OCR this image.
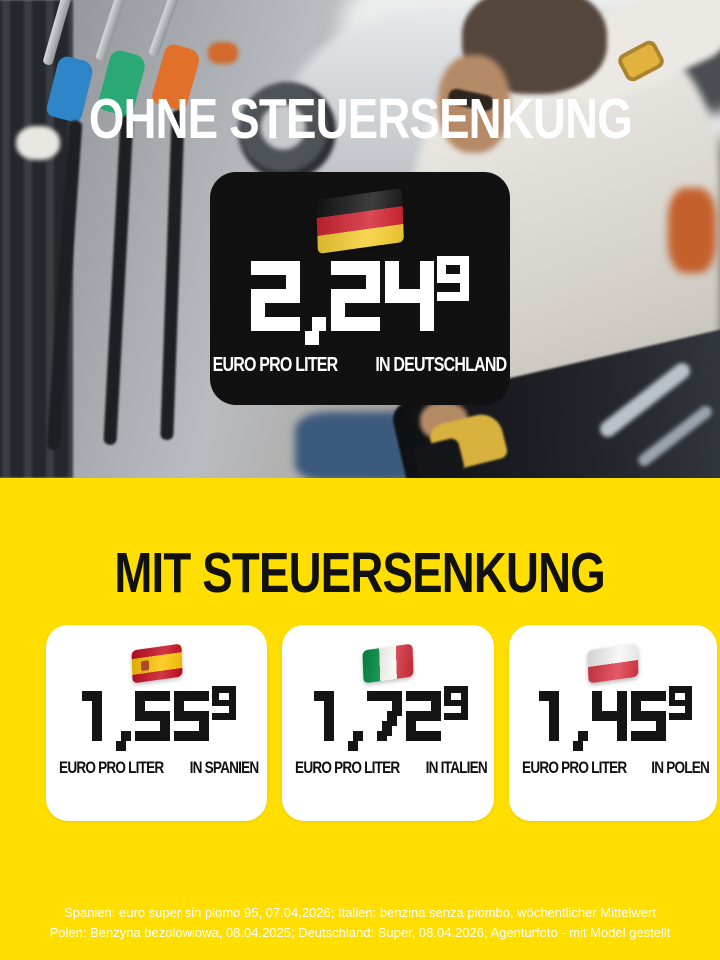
OHNE STEUERSENKUNG
EURO PRO LITER IN DEUTSCHLAND
MIT STEUERSENKUNG
EURO PRO LITER IN SPANIEN	EURO PRO LITER IN ITALIEN	EURO PRO LITER IN POLEN
Spanien: euro super sin plomo 95, 07.04.2026; Italien: benzina senza piombo, wöchentlicher Mittelwert
Polen: Benzyna bezolowiowa, 08.04.2025; Deutschland: Super, 08.04.2026; Agenturfoto - mit Model gestellt
